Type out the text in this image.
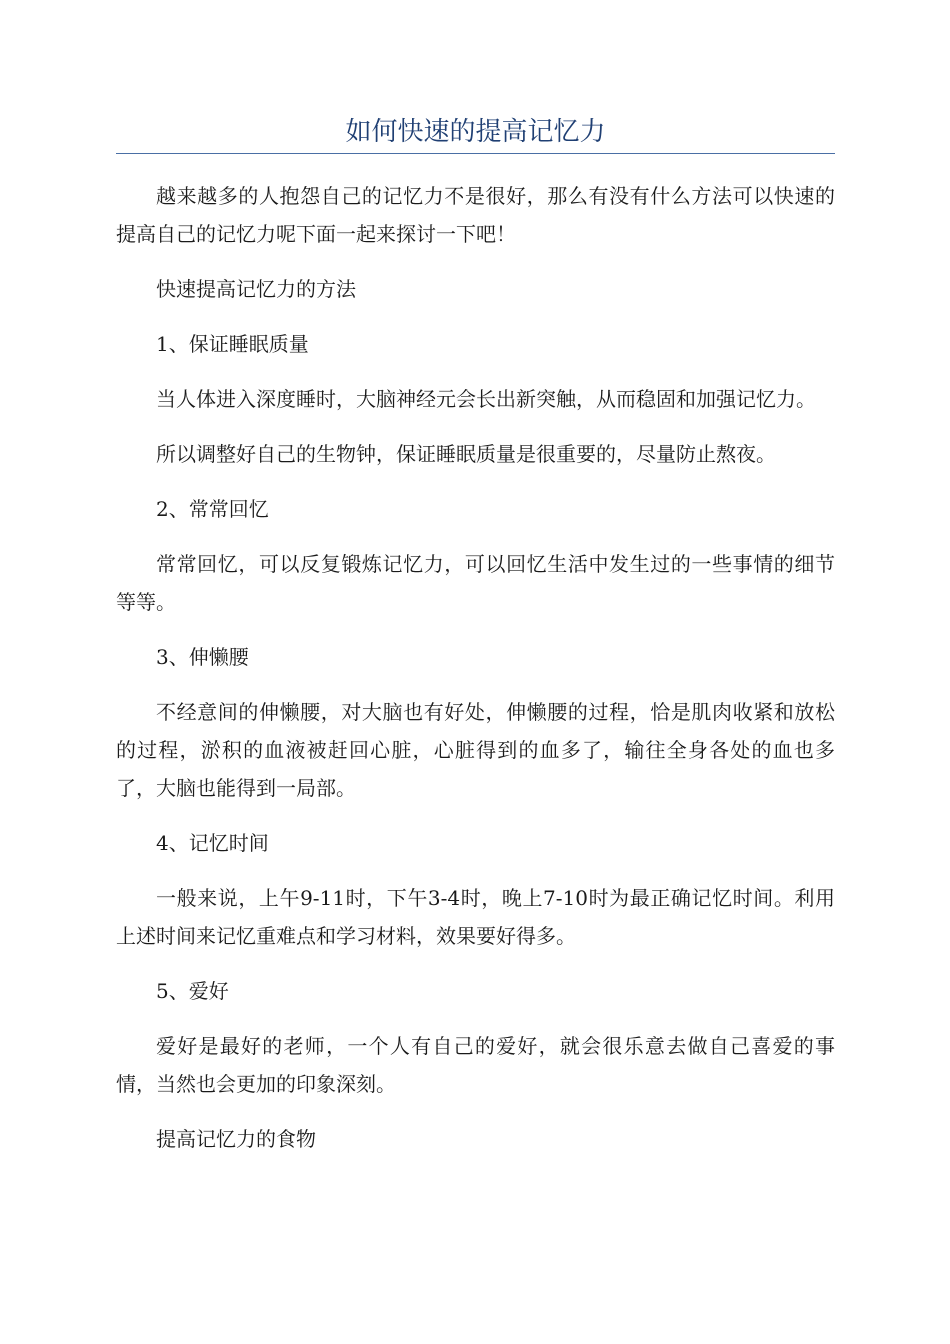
如何快速的提高记忆力

越来越多的人抱怨自己的记忆力不是很好，那么有没有什么方法可以快速的提高自己的记忆力呢下面一起来探讨一下吧！

快速提高记忆力的方法

1、保证睡眠质量

当人体进入深度睡时，大脑神经元会长出新突触，从而稳固和加强记忆力。

所以调整好自己的生物钟，保证睡眠质量是很重要的，尽量防止熬夜。

2、常常回忆

常常回忆，可以反复锻炼记忆力，可以回忆生活中发生过的一些事情的细节等等。

3、伸懒腰

不经意间的伸懒腰，对大脑也有好处，伸懒腰的过程，恰是肌肉收紧和放松的过程，淤积的血液被赶回心脏，心脏得到的血多了，输往全身各处的血也多了，大脑也能得到一局部。

4、记忆时间

一般来说，上午9-11时，下午3-4时，晚上7-10时为最正确记忆时间。利用上述时间来记忆重难点和学习材料，效果要好得多。

5、爱好

爱好是最好的老师，一个人有自己的爱好，就会很乐意去做自己喜爱的事情，当然也会更加的印象深刻。

提高记忆力的食物
